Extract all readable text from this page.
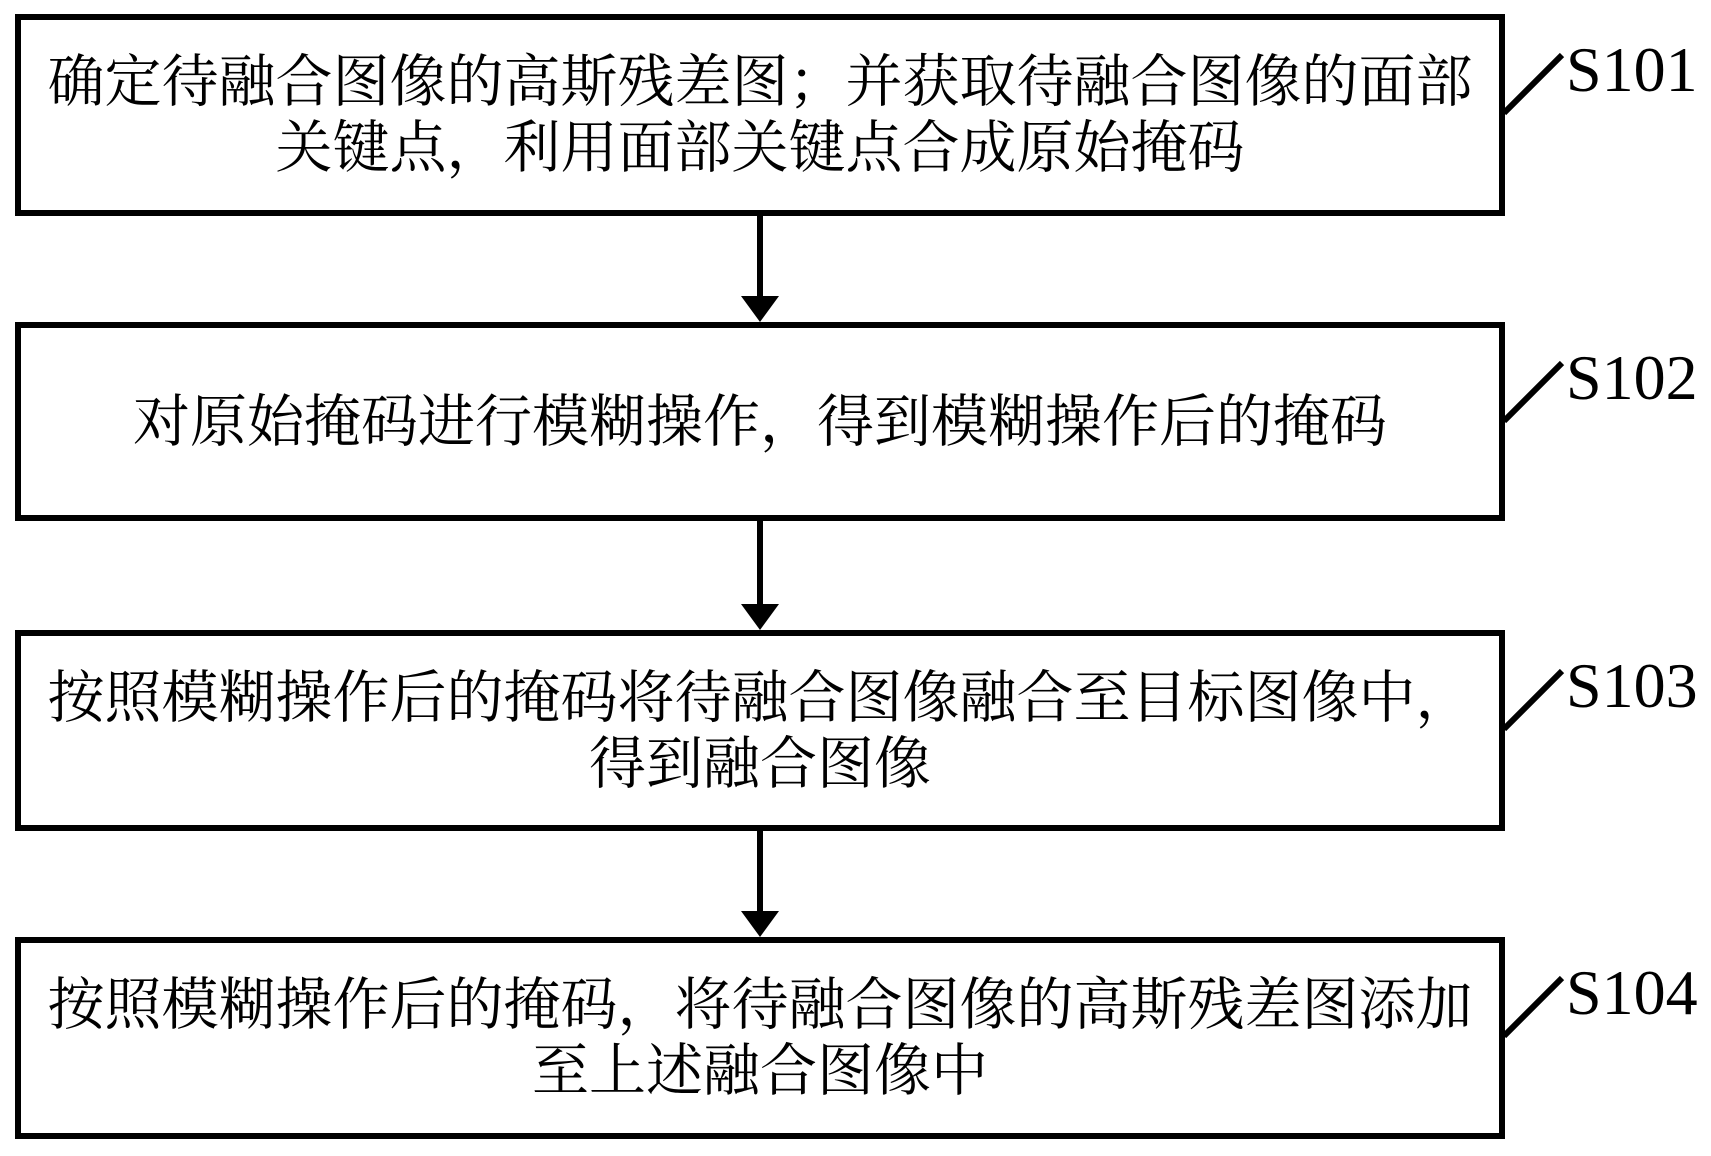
确定待融合图像的高斯残差图；并获取待融合图像的面部
关键点，利用面部关键点合成原始掩码
S101
对原始掩码进行模糊操作，得到模糊操作后的掩码
S102
按照模糊操作后的掩码将待融合图像融合至目标图像中，
得到融合图像
S103
按照模糊操作后的掩码，将待融合图像的高斯残差图添加
至上述融合图像中
S104
